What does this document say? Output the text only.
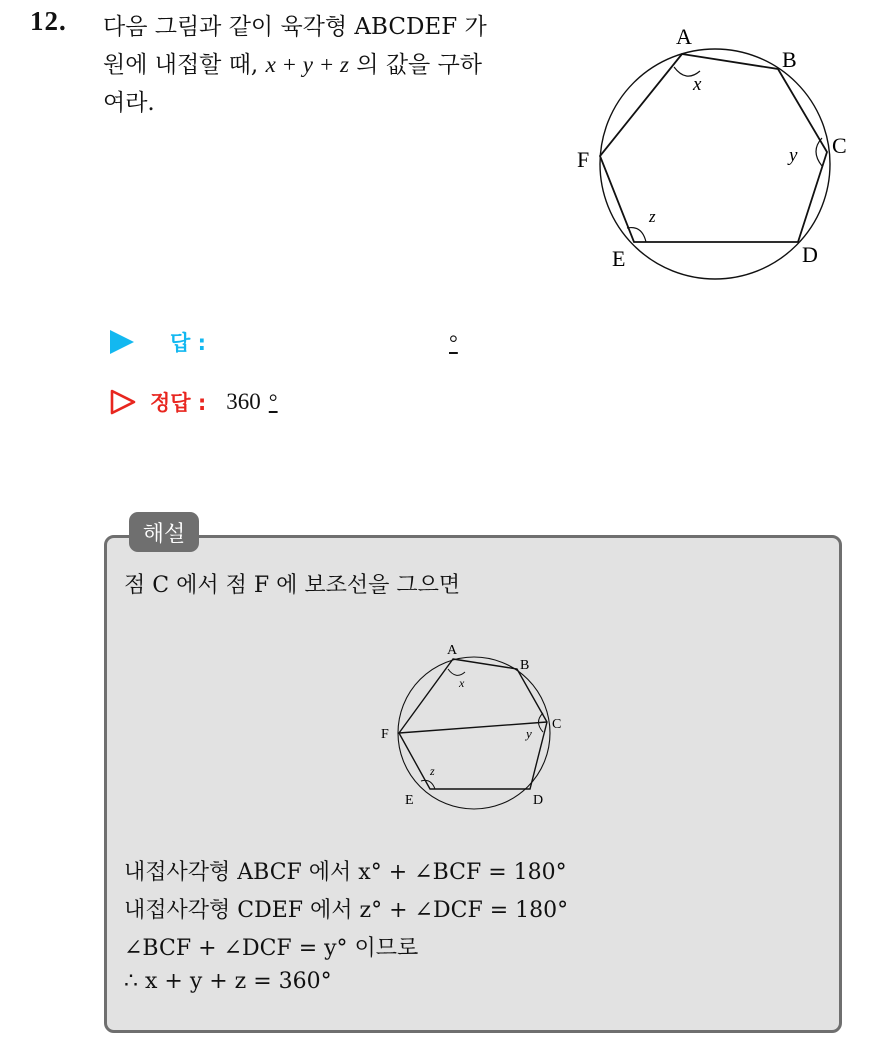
12. 다음 그림과 같이 육각형 ABCDEF 가
원에 내접할 때, x + y + z 의 값을 구하
여라.
A
B
C
D
E
F
x
y
z
답 :	°
정답 : 360 °
해설
점 C 에서 점 F 에 보조선을 그으면
A
B
C
D
E
F
x
y
z
내접사각형 ABCF 에서 x° + ∠BCF = 180°
내접사각형 CDEF 에서 z° + ∠DCF = 180°
∠BCF + ∠DCF = y° 이므로
∴ x + y + z = 360°
